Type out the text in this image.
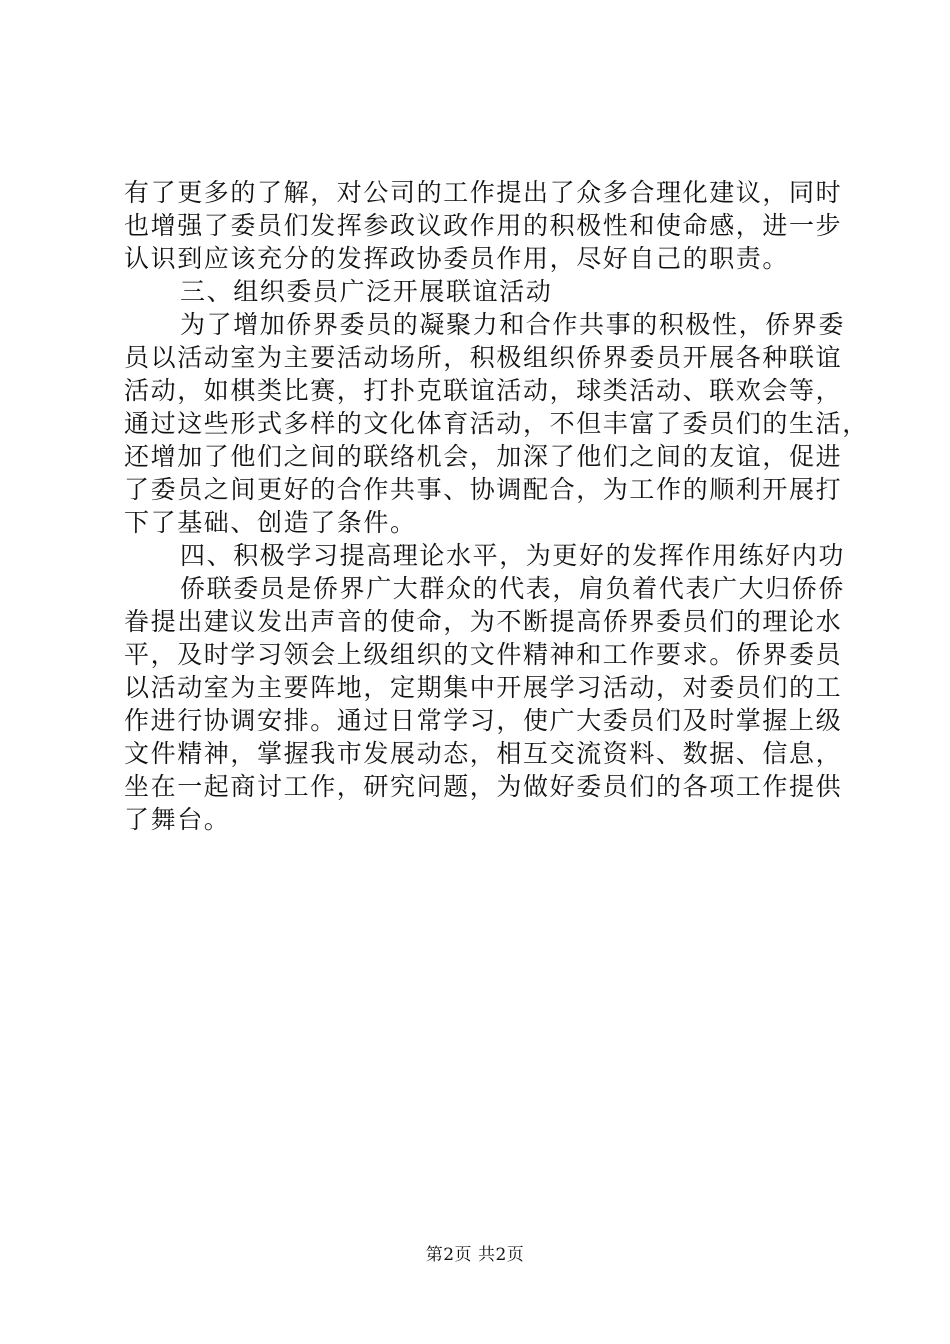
有了更多的了解，对公司的工作提出了众多合理化建议，同时
也增强了委员们发挥参政议政作用的积极性和使命感，进一步
认识到应该充分的发挥政协委员作用，尽好自己的职责。
三、组织委员广泛开展联谊活动
为了增加侨界委员的凝聚力和合作共事的积极性，侨界委
员以活动室为主要活动场所，积极组织侨界委员开展各种联谊
活动，如棋类比赛，打扑克联谊活动，球类活动、联欢会等，
通过这些形式多样的文化体育活动，不但丰富了委员们的生活，
还增加了他们之间的联络机会，加深了他们之间的友谊，促进
了委员之间更好的合作共事、协调配合，为工作的顺利开展打
下了基础、创造了条件。
四、积极学习提高理论水平，为更好的发挥作用练好内功
侨联委员是侨界广大群众的代表，肩负着代表广大归侨侨
眷提出建议发出声音的使命，为不断提高侨界委员们的理论水
平，及时学习领会上级组织的文件精神和工作要求。侨界委员
以活动室为主要阵地，定期集中开展学习活动，对委员们的工
作进行协调安排。通过日常学习，使广大委员们及时掌握上级
文件精神，掌握我市发展动态，相互交流资料、数据、信息，
坐在一起商讨工作，研究问题，为做好委员们的各项工作提供
了舞台。
第2页 共2页
